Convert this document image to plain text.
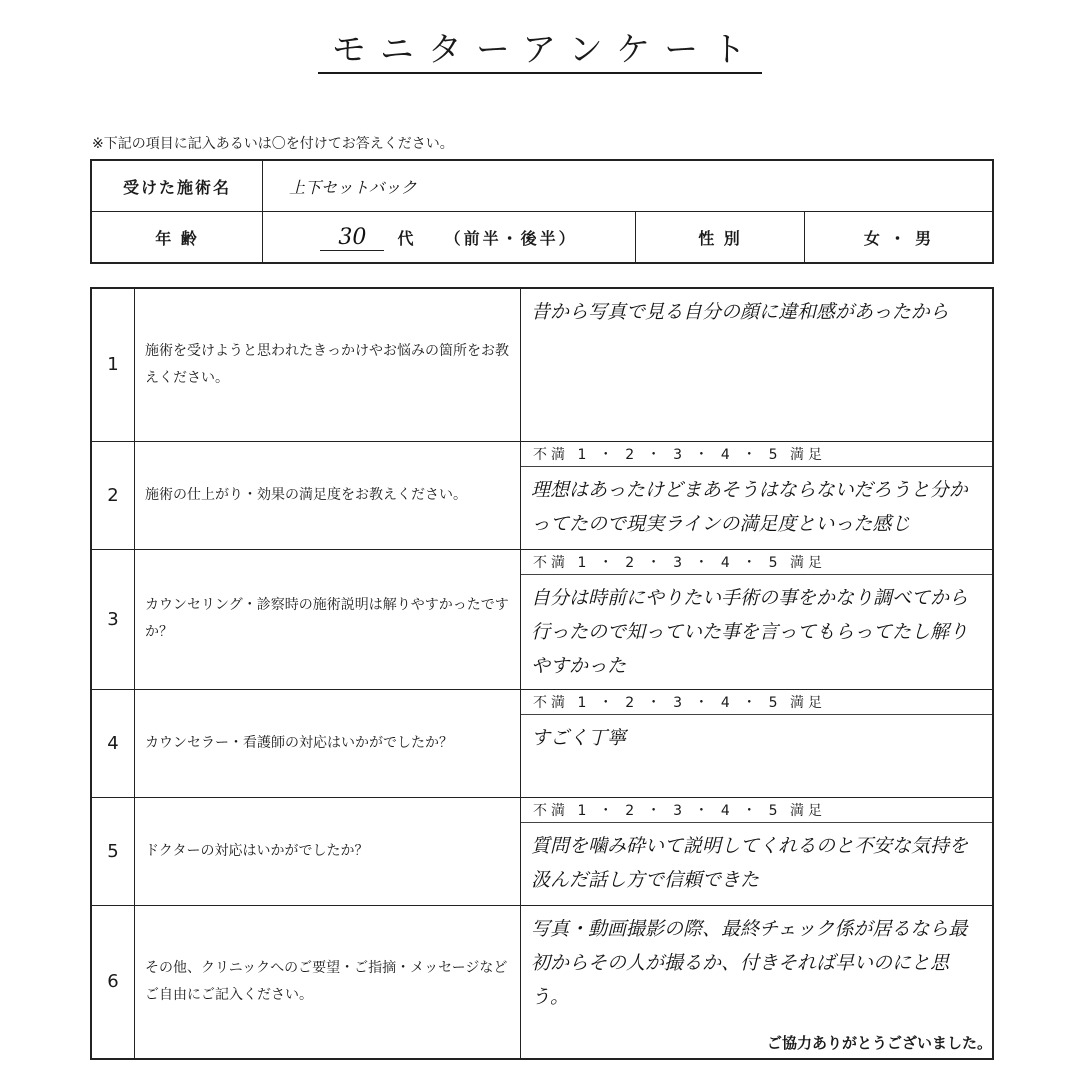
モニターアンケート
※下記の項目に記入あるいは〇を付けてお答えください。
受けた施術名	上下セットバック		
年 齢	30 代 （前半・後半）	性 別	女 ・ 男
1	施術を受けようと思われたきっかけやお悩みの箇所をお教えください。	昔から写真で見る自分の顔に違和感があったから

2	施術の仕上がり・効果の満足度をお教えください。	不満 1 ・ 2 ・ 3 ・ 4 ・ 5 満足
理想はあったけどまあそうはならないだろうと分かってたので現実ラインの満足度といった感じ

3	カウンセリング・診察時の施術説明は解りやすかったですか？	不満 1 ・ 2 ・ 3 ・ 4 ・ 5 満足
自分は時前にやりたい手術の事をかなり調べてから行ったので知っていた事を言ってもらってたし解りやすかった

4	カウンセラー・看護師の対応はいかがでしたか？	不満 1 ・ 2 ・ 3 ・ 4 ・ 5 満足
すごく丁寧

5	ドクターの対応はいかがでしたか？	不満 1 ・ 2 ・ 3 ・ 4 ・ 5 満足
質問を噛み砕いて説明してくれるのと不安な気持を汲んだ話し方で信頼できた

6	その他、クリニックへのご要望・ご指摘・メッセージなどご自由にご記入ください。	写真・動画撮影の際、最終チェック係が居るなら最初からその人が撮るか、付きそれば早いのにと思う。
ご協力ありがとうございました。
